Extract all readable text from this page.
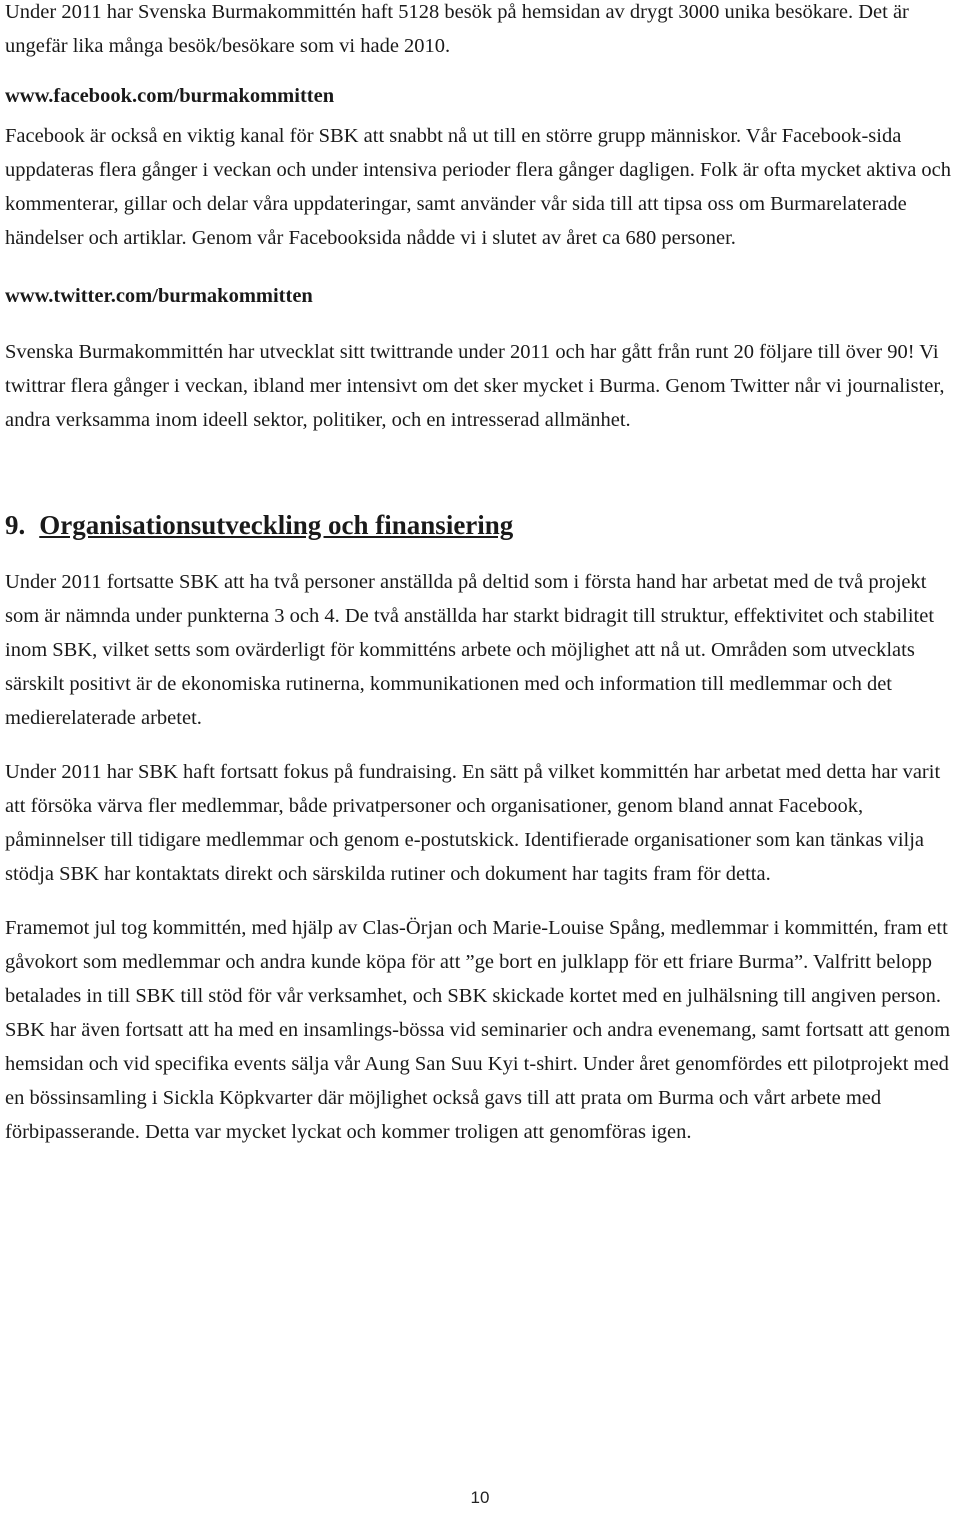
Under 2011 har Svenska Burmakommittén haft 5128 besök på hemsidan av drygt 3000 unika besökare. Det är ungefär lika många besök/besökare som vi hade 2010.

www.facebook.com/burmakommitten

Facebook är också en viktig kanal för SBK att snabbt nå ut till en större grupp människor. Vår Facebook-sida uppdateras flera gånger i veckan och under intensiva perioder flera gånger dagligen. Folk är ofta mycket aktiva och kommenterar, gillar och delar våra uppdateringar, samt använder vår sida till att tipsa oss om Burmarelaterade händelser och artiklar. Genom vår Facebooksida nådde vi i slutet av året ca 680 personer.

www.twitter.com/burmakommitten

Svenska Burmakommittén har utvecklat sitt twittrande under 2011 och har gått från runt 20 följare till över 90! Vi twittrar flera gånger i veckan, ibland mer intensivt om det sker mycket i Burma. Genom Twitter når vi journalister, andra verksamma inom ideell sektor, politiker, och en intresserad allmänhet.

9. Organisationsutveckling och finansiering

Under 2011 fortsatte SBK att ha två personer anställda på deltid som i första hand har arbetat med de två projekt som är nämnda under punkterna 3 och 4. De två anställda har starkt bidragit till struktur, effektivitet och stabilitet inom SBK, vilket setts som ovärderligt för kommitténs arbete och möjlighet att nå ut. Områden som utvecklats särskilt positivt är de ekonomiska rutinerna, kommunikationen med och information till medlemmar och det medierelaterade arbetet.

Under 2011 har SBK haft fortsatt fokus på fundraising. En sätt på vilket kommittén har arbetat med detta har varit att försöka värva fler medlemmar, både privatpersoner och organisationer, genom bland annat Facebook, påminnelser till tidigare medlemmar och genom e-postutskick. Identifierade organisationer som kan tänkas vilja stödja SBK har kontaktats direkt och särskilda rutiner och dokument har tagits fram för detta.

Framemot jul tog kommittén, med hjälp av Clas-Örjan och Marie-Louise Spång, medlemmar i kommittén, fram ett gåvokort som medlemmar och andra kunde köpa för att ”ge bort en julklapp för ett friare Burma”. Valfritt belopp betalades in till SBK till stöd för vår verksamhet, och SBK skickade kortet med en julhälsning till angiven person. SBK har även fortsatt att ha med en insamlings-bössa vid seminarier och andra evenemang, samt fortsatt att genom hemsidan och vid specifika events sälja vår Aung San Suu Kyi t-shirt. Under året genomfördes ett pilotprojekt med en bössinsamling i Sickla Köpkvarter där möjlighet också gavs till att prata om Burma och vårt arbete med förbipasserande. Detta var mycket lyckat och kommer troligen att genomföras igen.

10
